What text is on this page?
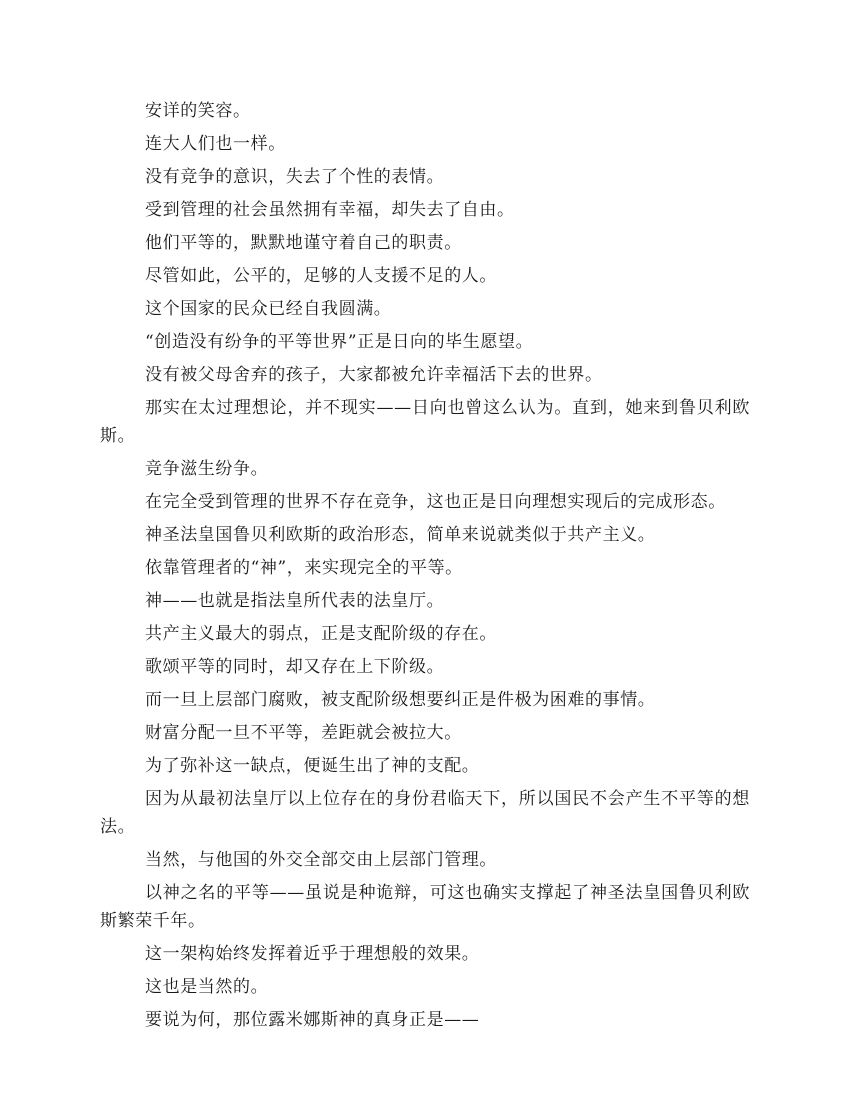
安详的笑容。

连大人们也一样。

没有竞争的意识，失去了个性的表情。

受到管理的社会虽然拥有幸福，却失去了自由。

他们平等的，默默地谨守着自己的职责。

尽管如此，公平的，足够的人支援不足的人。

这个国家的民众已经自我圆满。

“创造没有纷争的平等世界”正是日向的毕生愿望。

没有被父母舍弃的孩子，大家都被允许幸福活下去的世界。

那实在太过理想论，并不现实——日向也曾这么认为。直到，她来到鲁贝利欧斯。

竞争滋生纷争。

在完全受到管理的世界不存在竞争，这也正是日向理想实现后的完成形态。

神圣法皇国鲁贝利欧斯的政治形态，简单来说就类似于共产主义。

依靠管理者的“神”，来实现完全的平等。

神——也就是指法皇所代表的法皇厅。

共产主义最大的弱点，正是支配阶级的存在。

歌颂平等的同时，却又存在上下阶级。

而一旦上层部门腐败，被支配阶级想要纠正是件极为困难的事情。

财富分配一旦不平等，差距就会被拉大。

为了弥补这一缺点，便诞生出了神的支配。

因为从最初法皇厅以上位存在的身份君临天下，所以国民不会产生不平等的想法。

当然，与他国的外交全部交由上层部门管理。

以神之名的平等——虽说是种诡辩，可这也确实支撑起了神圣法皇国鲁贝利欧斯繁荣千年。

这一架构始终发挥着近乎于理想般的效果。

这也是当然的。

要说为何，那位露米娜斯神的真身正是——
